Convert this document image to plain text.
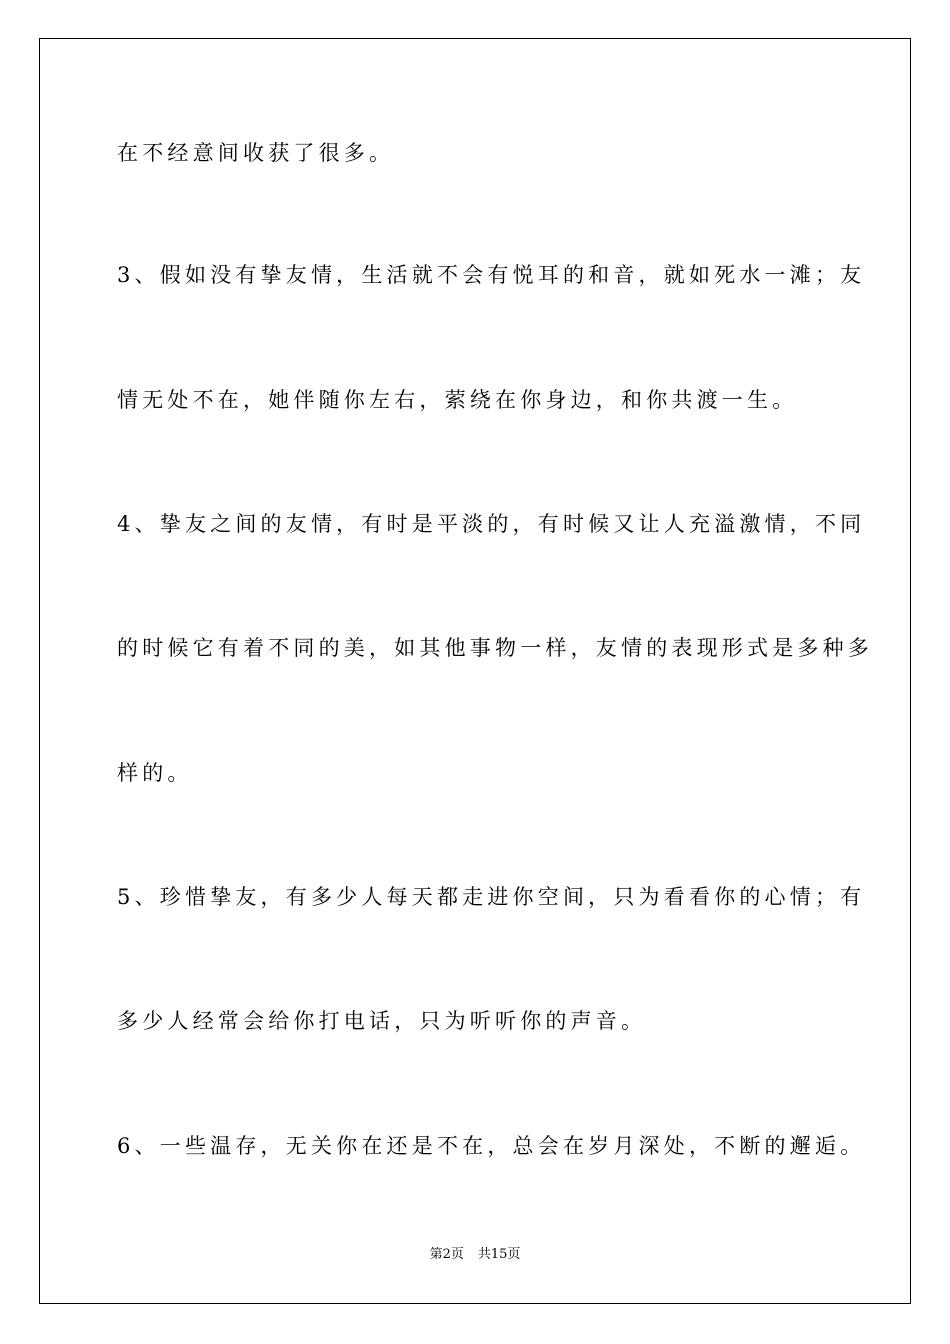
在不经意间收获了很多。

3、假如没有挚友情，生活就不会有悦耳的和音，就如死水一滩；友

情无处不在，她伴随你左右，萦绕在你身边，和你共渡一生。

4、挚友之间的友情，有时是平淡的，有时候又让人充溢激情，不同

的时候它有着不同的美，如其他事物一样，友情的表现形式是多种多

样的。

5、珍惜挚友，有多少人每天都走进你空间，只为看看你的心情；有

多少人经常会给你打电话，只为听听你的声音。

6、一些温存，无关你在还是不在，总会在岁月深处，不断的邂逅。

第2页 共15页
